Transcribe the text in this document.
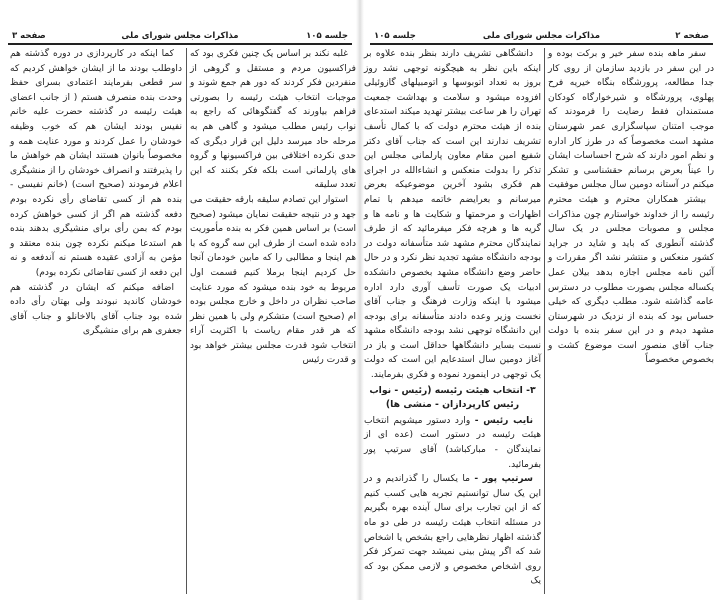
جلسه ۱۰۵
مذاکرات مجلس شورای ملی
صفحه ۳

غلبه نکند بر اساس یک چنین فکری بود که فراکسیون مردم و مستقل و گروهی از منفردین فکر کردند که دور هم جمع شوند و موجبات انتخاب هیئت رئیسه را بصورتی فراهم بیاورند که گفتگوهائی که راجع به نواب رئیس مطلب میشود و گاهی هم به مرحله حاد میرسد دلیل این قرار دیگری که حدی نکرده اختلافی بین فراکسیونها و گروه های پارلمانی است بلکه فکر بکنند که این تعدد سلیقه

استوار این تصادم سلیقه بارقه حقیقت می جهد و در نتیجه حقیقت نمایان میشود (صحیح است) بر اساس همین فکر به بنده مأموریت داده شده است از طرف این سه گروه که با هم اینجا و مطالبی را که مابین خودمان آنجا حل کردیم اینجا برملا کنیم قسمت اول مربوط به خود بنده میشود که مورد عنایت صاحب نظران در داخل و خارج مجلس بوده ام (صحیح است) متشکرم ولی با همین نظر که هر قدر مقام ریاست با اکثریت آراء انتخاب شود قدرت مجلس بیشتر خواهد بود و قدرت رئیس

کما اینکه در کارپردازی در دوره گذشته هم داوطلب بودند ما از ایشان خواهش کردیم که سر قطعی بفرمایند اعتمادی بسرای حفظ وحدت بنده منصرف هستم ( از جانب اعضای هیئت رئیسه در گذشته حضرت علیه خانم نفیس بودند ایشان هم که خوب وظیفه خودشان را عمل کردند و مورد عنایت همه و مخصوصاً بانوان هستند ایشان هم خواهش ما را پذیرفتند و انصراف خودشان را از منشیگری اعلام فرمودند (صحیح است) (خانم نفیسی - بنده هم از کسی تقاضای رأی نکرده بودم دفعه گذشته هم اگر از کسی خواهش کرده بودم که بمن رأی برای منشیگری بدهند بنده هم استدعا میکنم نکرده چون بنده معتقد و مؤمن به آزادی عقیده هستم نه آندفعه و نه این دفعه از کسی تقاضائی نکرده بودم)

اضافه میکنم که ایشان در گذشته هم خودشان کاندید نبودند ولی بهتان رأی داده شده بود جناب آقای بالاخانلو و جناب آقای جعفری هم برای منشیگری

صفحه ۲
مذاکرات مجلس شورای ملی
جلسه ۱۰۵

سفر ماهه بنده سفر خیر و برکت بوده و در این سفر در بازدید سازمان از روی کار جدا مطالعه، پرورشگاه بنگاه خیریه فرح پهلوی، پرورشگاه و شیرخوارگاه کودکان مستمندان فقط رضایت را فرمودند که موجب امتنان سپاسگزاری عمر شهرستان مشهد است مخصوصاً که در طرز کار اداره و نظم امور دارند که شرح احساسات ایشان را عیناً بعرض برسانم حقشناسی و تشکر میکنم در آستانه دومین سال مجلس موفقیت

بیشتر همکاران محترم و هیئت محترم رئیسه را از خداوند خواستارم چون مذاکرات مجلس و مصوبات مجلس در یک سال گذشته آنطوری که باید و شاید در جراید کشور منعکس و منتشر نشد اگر مقررات و آئین نامه مجلس اجازه بدهد بیلان عمل یکساله مجلس بصورت مطلوب در دسترس عامه گذاشته شود. مطلب دیگری که خیلی حساس بود که بنده از نزدیک در شهرستان مشهد دیدم و در این سفر بنده با دولت جناب آقای منصور است موضوع کشت و بخصوص مخصوصاً

دانشگاهی تشریف دارند بنظر بنده علاوه بر اینکه باین نظر به هیچگونه توجهی نشد روز بروز به تعداد اتوبوسها و اتومبیلهای گازوئیلی افزوده میشود و سلامت و بهداشت جمعیت تهران را هر ساعت بیشتر تهدید میکند استدعای بنده از هیئت محترم دولت که با کمال تأسف تشریف ندارند این است که جناب آقای دکتر شفیع امین مقام معاون پارلمانی مجلس این تذکر را بدولت منعکس و انشاءالله در اجرای هم فکری بشود آخرین موضوعیکه بعرض میرسانم و بعرایضم خاتمه میدهم با تمام اظهارات و مرحمتها و شکایت ها و نامه ها و گریه ها و هرچه فکر میفرمائید که از طرف نمایندگان محترم مشهد شد متأسفانه دولت در بودجه دانشگاه مشهد تجدید نظر نکرد و در حال حاضر وضع دانشگاه مشهد بخصوص دانشکده ادبیات یک صورت تأسف آوری دارد اداره میشود با اینکه وزارت فرهنگ و جناب آقای نخست وزیر وعده دادند متأسفانه برای بودجه این دانشگاه توجهی نشد بودجه دانشگاه مشهد نسبت بسایر دانشگاهها حداقل است و باز در آغاز دومین سال استدعایم این است که دولت یک توجهی در اینمورد نموده و فکری بفرمایند.

۳- انتخاب هیئت رئیسه (رئیس - نواب رئیس کارپردازان - منشی ها)

نایب رئیس - وارد دستور میشویم انتخاب هیئت رئیسه در دستور است (عده ای از نمایندگان - مبارکباشد) آقای سرتیپ پور بفرمائید.

سرتیپ پور - ما یکسال را گذراندیم و در این یک سال توانستیم تجربه هایی کسب کنیم که از این تجارب برای سال آینده بهره بگیریم در مسئله انتخاب هیئت رئیسه در طی دو ماه گذشته اظهار نظرهایی راجع بشخص یا اشخاص شد که اگر پیش بینی نمیشد جهت تمرکز فکر روی اشخاص مخصوص و لازمی ممکن بود که یک
